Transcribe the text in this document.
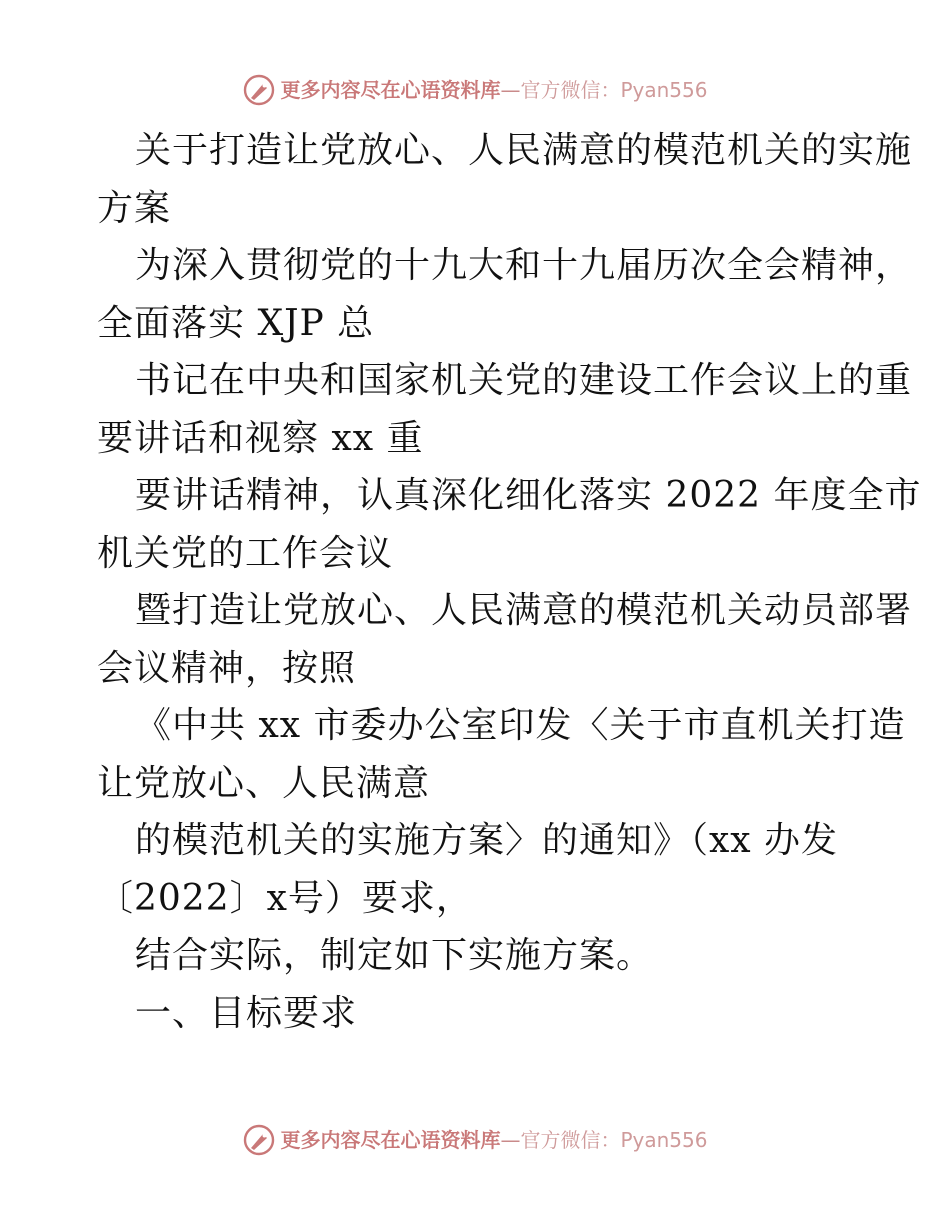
更多内容尽在心语资料库 — 官方微信：Pyan556
关于打造让党放心、人民满意的模范机关的实施
方案
为深入贯彻党的十九大和十九届历次全会精神，
全面落实 XJP 总
书记在中央和国家机关党的建设工作会议上的重
要讲话和视察 xx 重
要讲话精神，认真深化细化落实 2022 年度全市
机关党的工作会议
暨打造让党放心、人民满意的模范机关动员部署
会议精神，按照
《中共 xx 市委办公室印发〈关于市直机关打造
让党放心、人民满意
的模范机关的实施方案〉的通知》（xx 办发
〔2022〕x号）要求，
结合实际，制定如下实施方案。
一、目标要求
更多内容尽在心语资料库 — 官方微信：Pyan556
